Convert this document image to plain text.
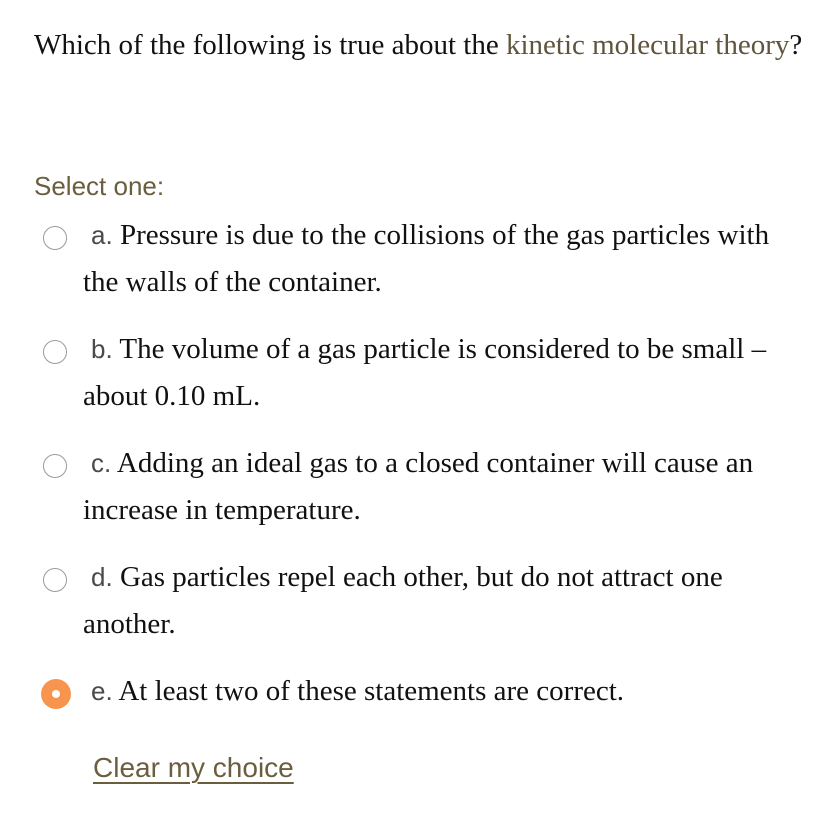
Which of the following is true about the kinetic molecular theory?

Select one:
a. Pressure is due to the collisions of the gas particles with the walls of the container.
b. The volume of a gas particle is considered to be small – about 0.10 mL.
c. Adding an ideal gas to a closed container will cause an increase in temperature.
d. Gas particles repel each other, but do not attract one another.
e. At least two of these statements are correct.
Clear my choice
